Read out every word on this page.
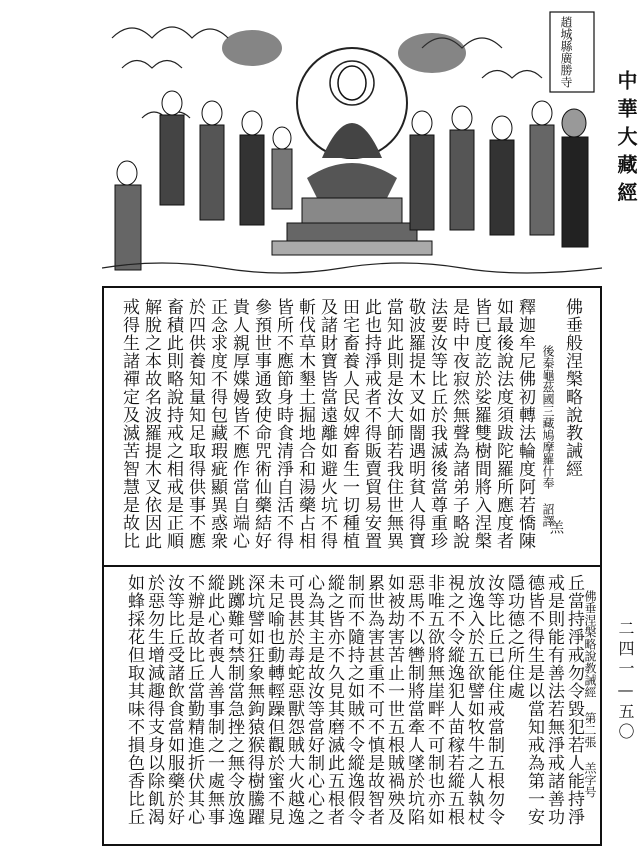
中華大藏經
二四一—五〇
趙城縣廣勝寺
佛垂般涅槃略說教誡經
後秦龜茲國三藏鳩摩羅什奉 詔譯
羔
釋迦牟尼佛初轉法輪度阿若憍陳
如最後說法度須跋陀羅所應度者
皆已度訖於娑羅雙樹間將入涅槃
是時中夜寂然無聲為諸弟子略說
法要汝等比丘於我滅後當尊重珍
敬波羅提木叉如闇遇明貧人得寶
當知此則是汝大師若我住世無異
此也持淨戒者不得販賣貿易安置
田宅畜養人民奴婢畜生一切種植
及諸財寶皆當遠離如避火坑不得
斬伐草木墾土掘地合和湯藥占相
皆所不應節身時食清淨自活不得
參預世事通致使命咒術仙藥結好
貴人親厚媟嫚皆不應作當自端心
正念求度不得包藏瑕疵顯異惑衆
於四供養知量知足取得供事不應
畜積此則略說持戒之相戒是正順
解脫之本故名波羅提木叉依因此
戒得生諸禪定及滅苦智慧是故比
佛垂涅槃略說教誡經 第二張 羔字号
丘當持淨戒勿令毀犯若人能持淨
戒是則能有善法若無淨戒諸善功
德皆不得生是以當知戒為第一安
隱功德之所住處
汝等比丘已能住戒當制五根勿令
放逸入於五欲譬如牧牛之人執杖
視之不令縱逸犯人苗稼若縱五根
非唯五欲將無崖畔不可制也亦如
惡馬不以轡制將當牽人墜於坑陷
如被劫害苦止一世五根賊禍殃及
累世為害甚重不可不慎是故智者
制而不隨持之如賊不令縱逸假令
縱之皆亦不久見其磨滅此五根者
心為其主是故汝等當好制心心之
可畏甚於毒蛇惡獸怨賊大火越逸
未足喻也動轉輕躁但觀於蜜不見
深坑譬如狂象無鉤猿猴得樹騰躍
跳躑難可禁制當急挫之無令放逸
縱此心者喪人善事制之一處無事
不辦是故比丘當勤精進折伏其心
汝等比丘受諸飲食當如服藥於好
於惡勿生增減趣得支身以除飢渴
如蜂採花但取其味不損色香比丘
